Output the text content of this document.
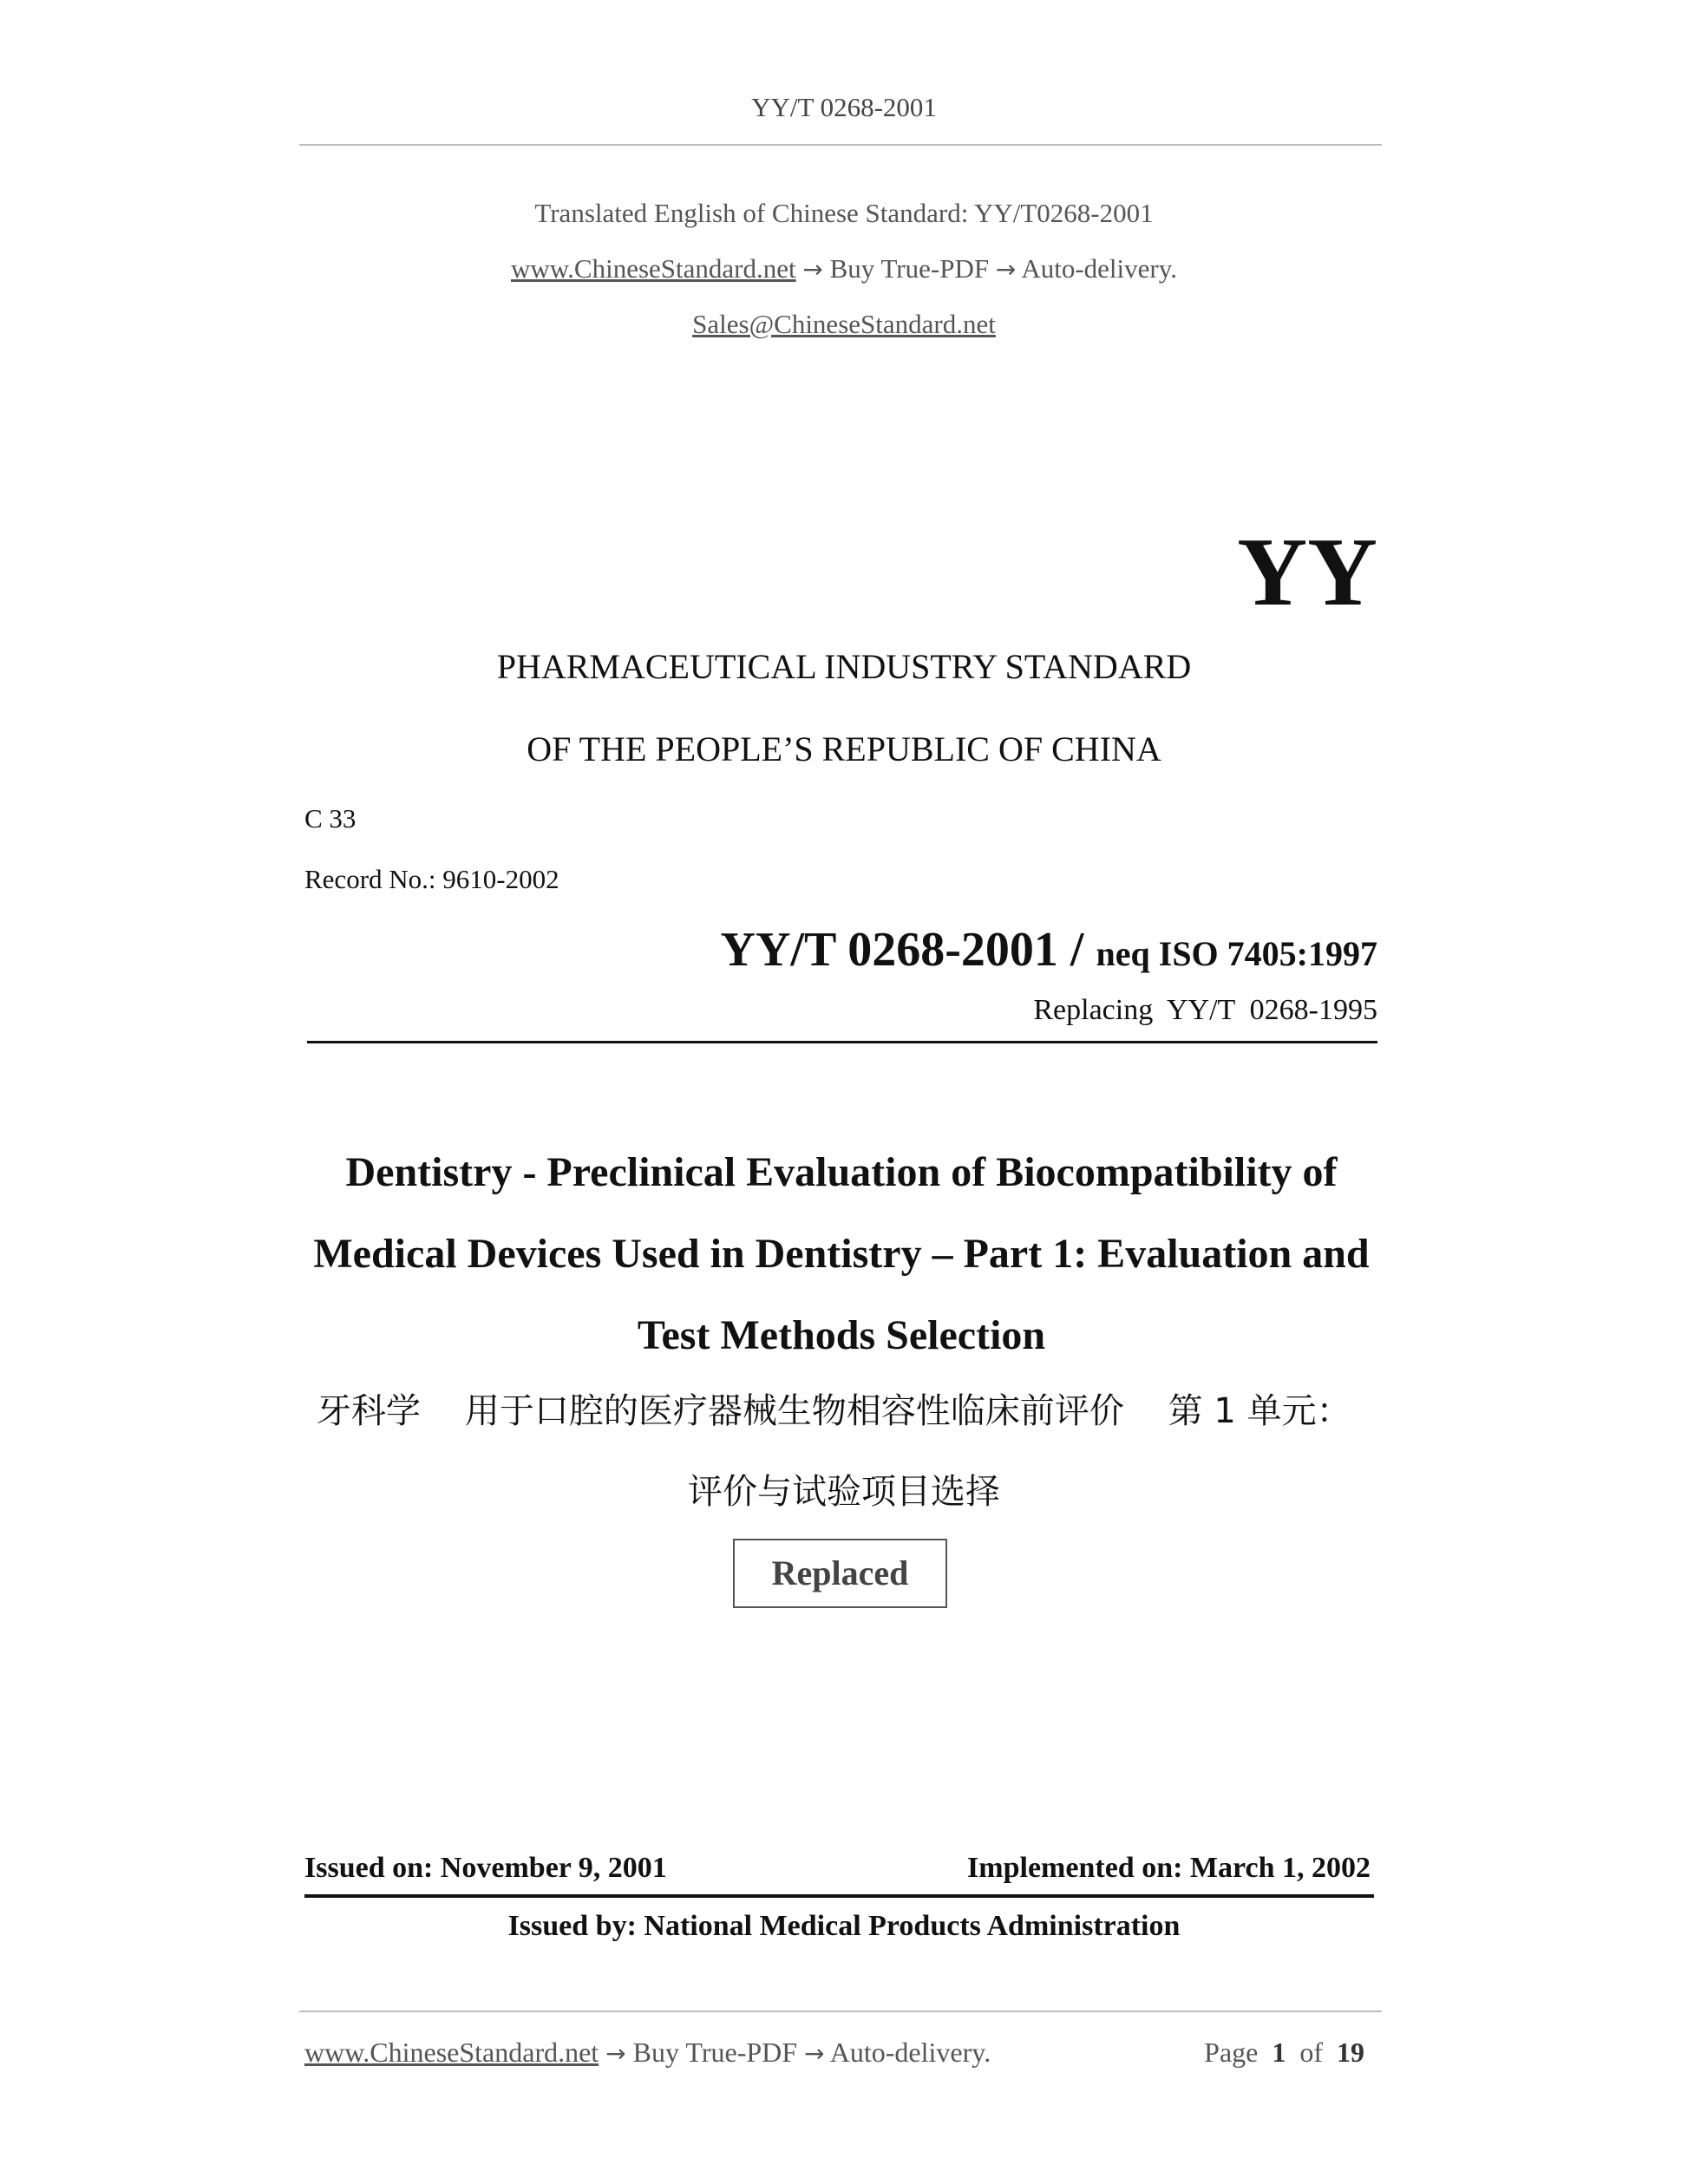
YY/T 0268-2001
Translated English of Chinese Standard: YY/T0268-2001
www.ChineseStandard.net → Buy True-PDF → Auto-delivery.
Sales@ChineseStandard.net
YY
PHARMACEUTICAL INDUSTRY STANDARD
OF THE PEOPLE’S REPUBLIC OF CHINA
C 33
Record No.: 9610-2002
YY/T 0268-2001 / neq ISO 7405:1997
Replacing  YY/T  0268-1995
Dentistry - Preclinical Evaluation of Biocompatibility of Medical Devices Used in Dentistry – Part 1: Evaluation and Test Methods Selection
牙科学    用于口腔的医疗器械生物相容性临床前评价    第 1 单元：
评价与试验项目选择
Replaced
Issued on: November 9, 2001	Implemented on: March 1, 2002
Issued by: National Medical Products Administration
www.ChineseStandard.net → Buy True-PDF → Auto-delivery.	Page 1 of 19
